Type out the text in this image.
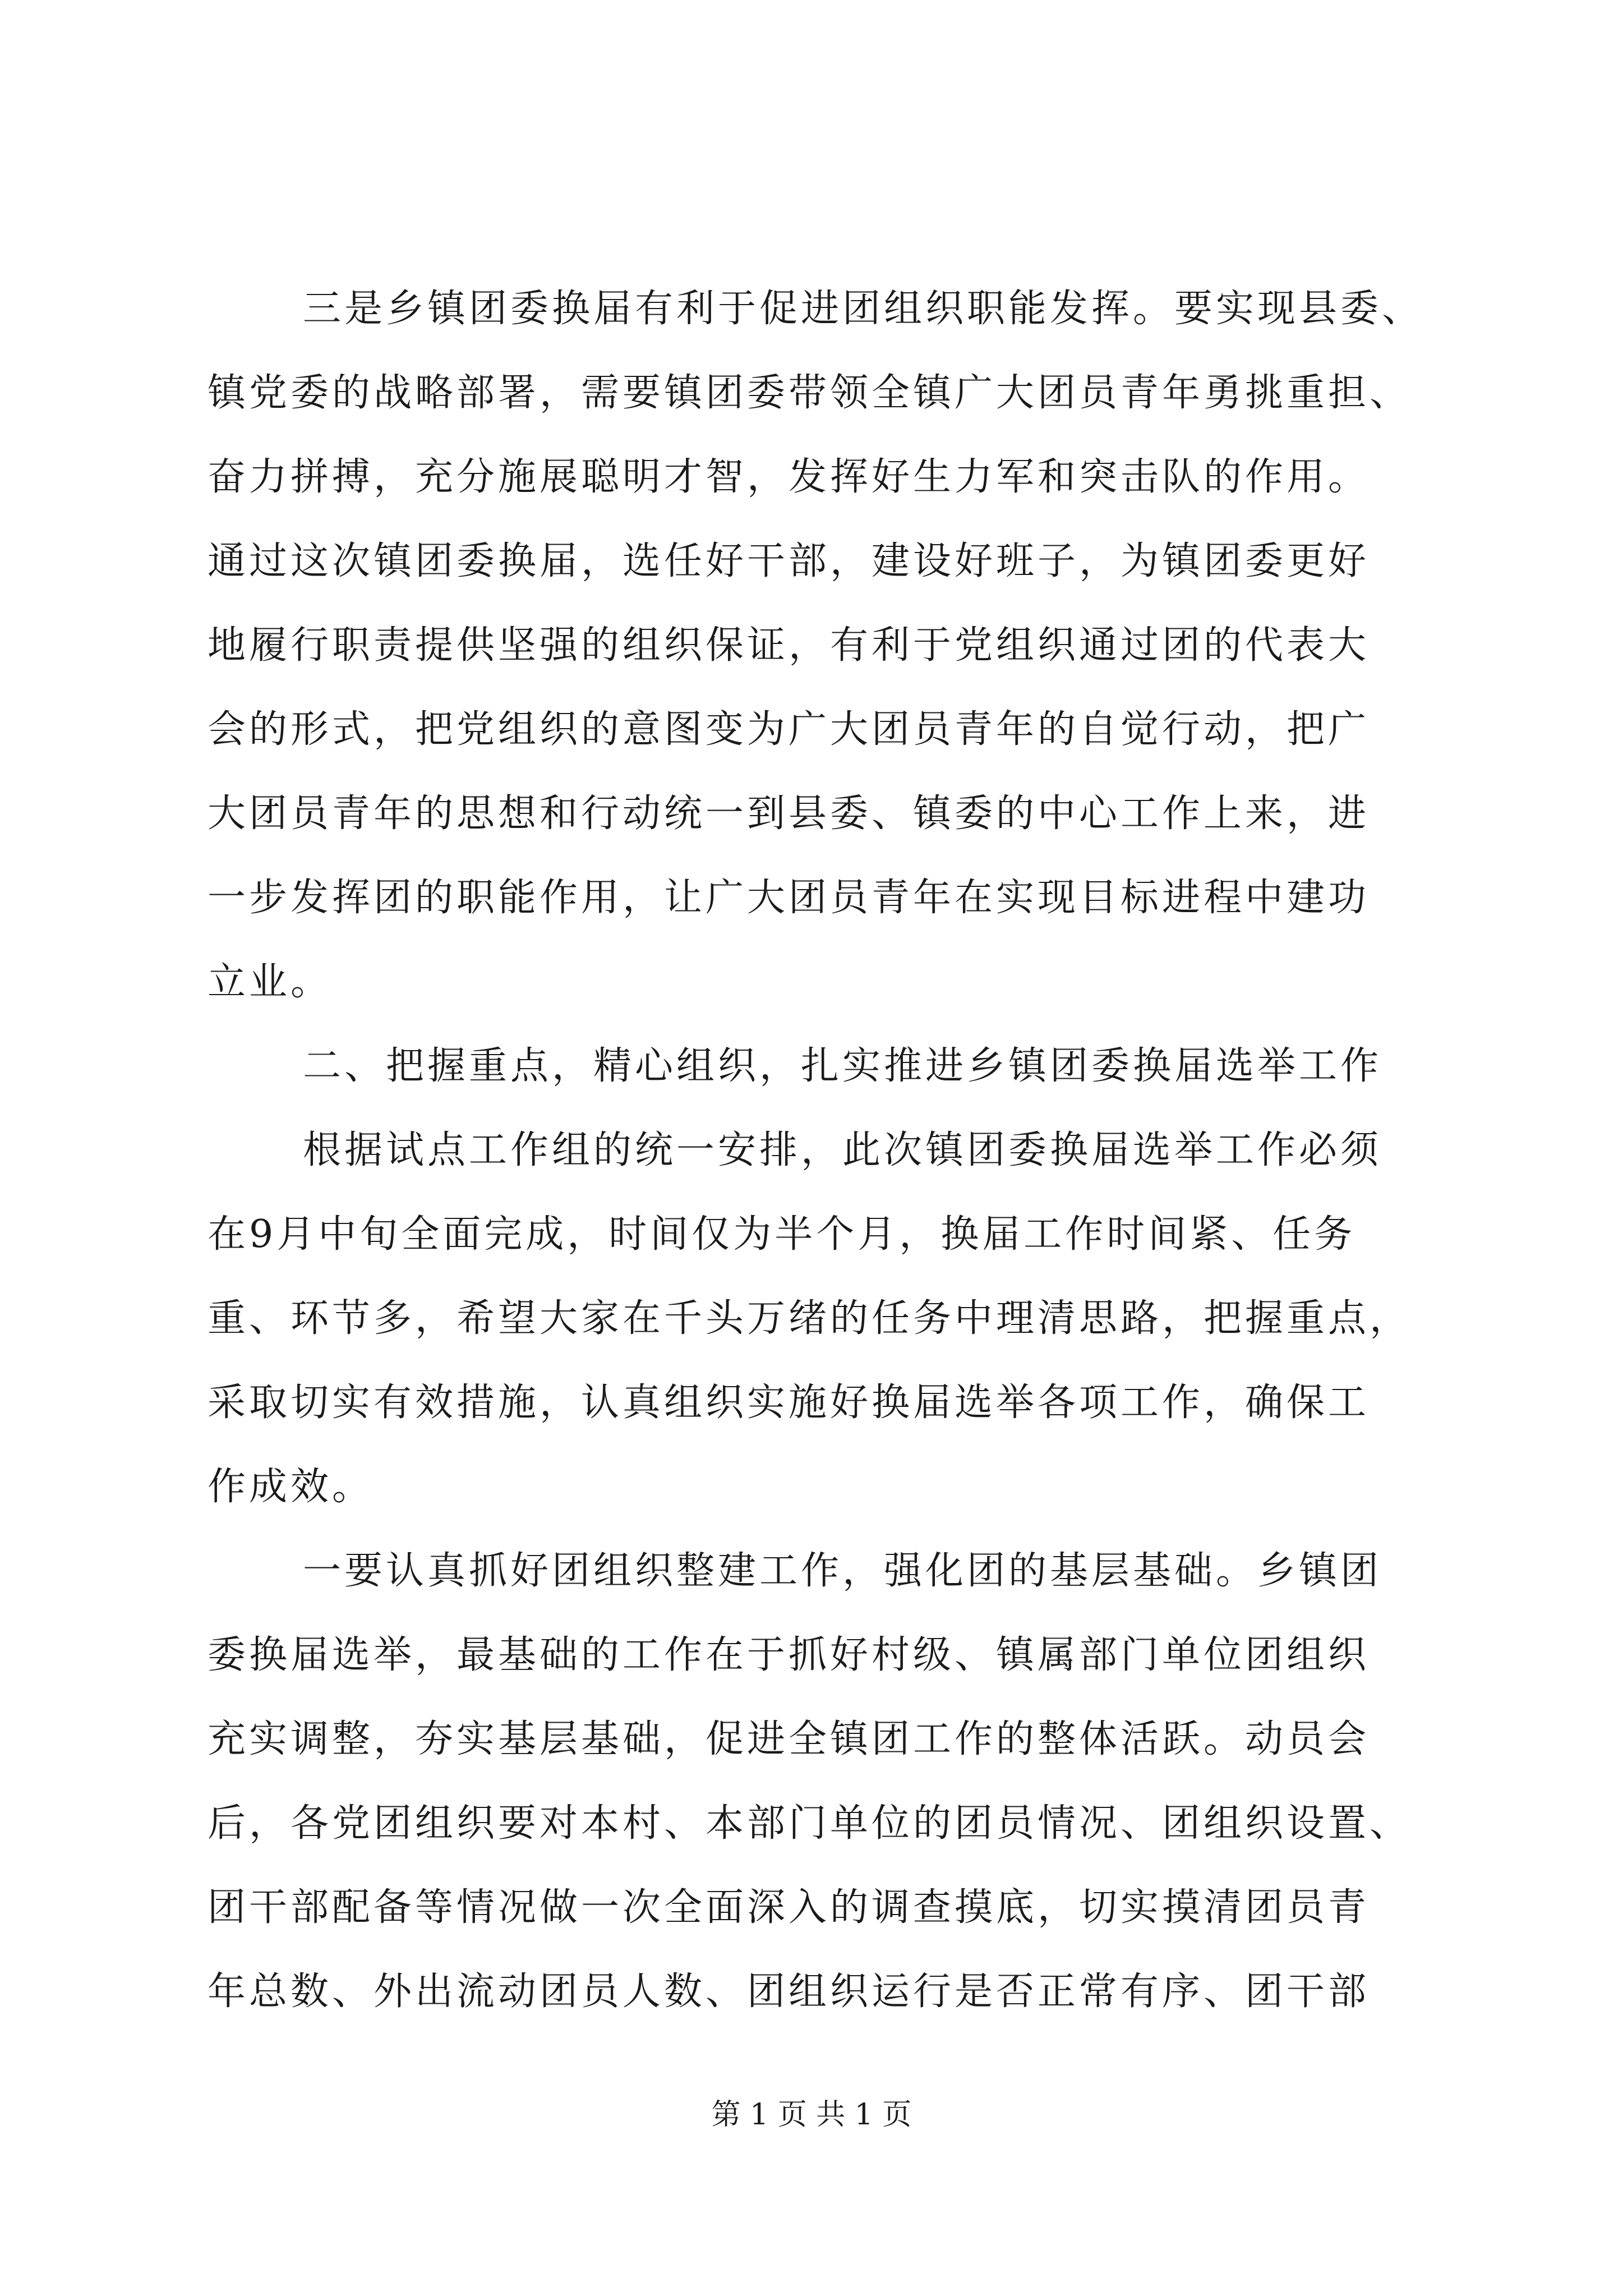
三是乡镇团委换届有利于促进团组织职能发挥。要实现县委、

镇党委的战略部署，需要镇团委带领全镇广大团员青年勇挑重担、

奋力拼搏，充分施展聪明才智，发挥好生力军和突击队的作用。

通过这次镇团委换届，选任好干部，建设好班子，为镇团委更好

地履行职责提供坚强的组织保证，有利于党组织通过团的代表大

会的形式，把党组织的意图变为广大团员青年的自觉行动，把广

大团员青年的思想和行动统一到县委、镇委的中心工作上来，进

一步发挥团的职能作用，让广大团员青年在实现目标进程中建功

立业。

二、把握重点，精心组织，扎实推进乡镇团委换届选举工作

根据试点工作组的统一安排，此次镇团委换届选举工作必须

在9月中旬全面完成，时间仅为半个月，换届工作时间紧、任务

重、环节多，希望大家在千头万绪的任务中理清思路，把握重点，

采取切实有效措施，认真组织实施好换届选举各项工作，确保工

作成效。

一要认真抓好团组织整建工作，强化团的基层基础。乡镇团

委换届选举，最基础的工作在于抓好村级、镇属部门单位团组织

充实调整，夯实基层基础，促进全镇团工作的整体活跃。动员会

后，各党团组织要对本村、本部门单位的团员情况、团组织设置、

团干部配备等情况做一次全面深入的调查摸底，切实摸清团员青

年总数、外出流动团员人数、团组织运行是否正常有序、团干部

第 1 页 共 1 页
